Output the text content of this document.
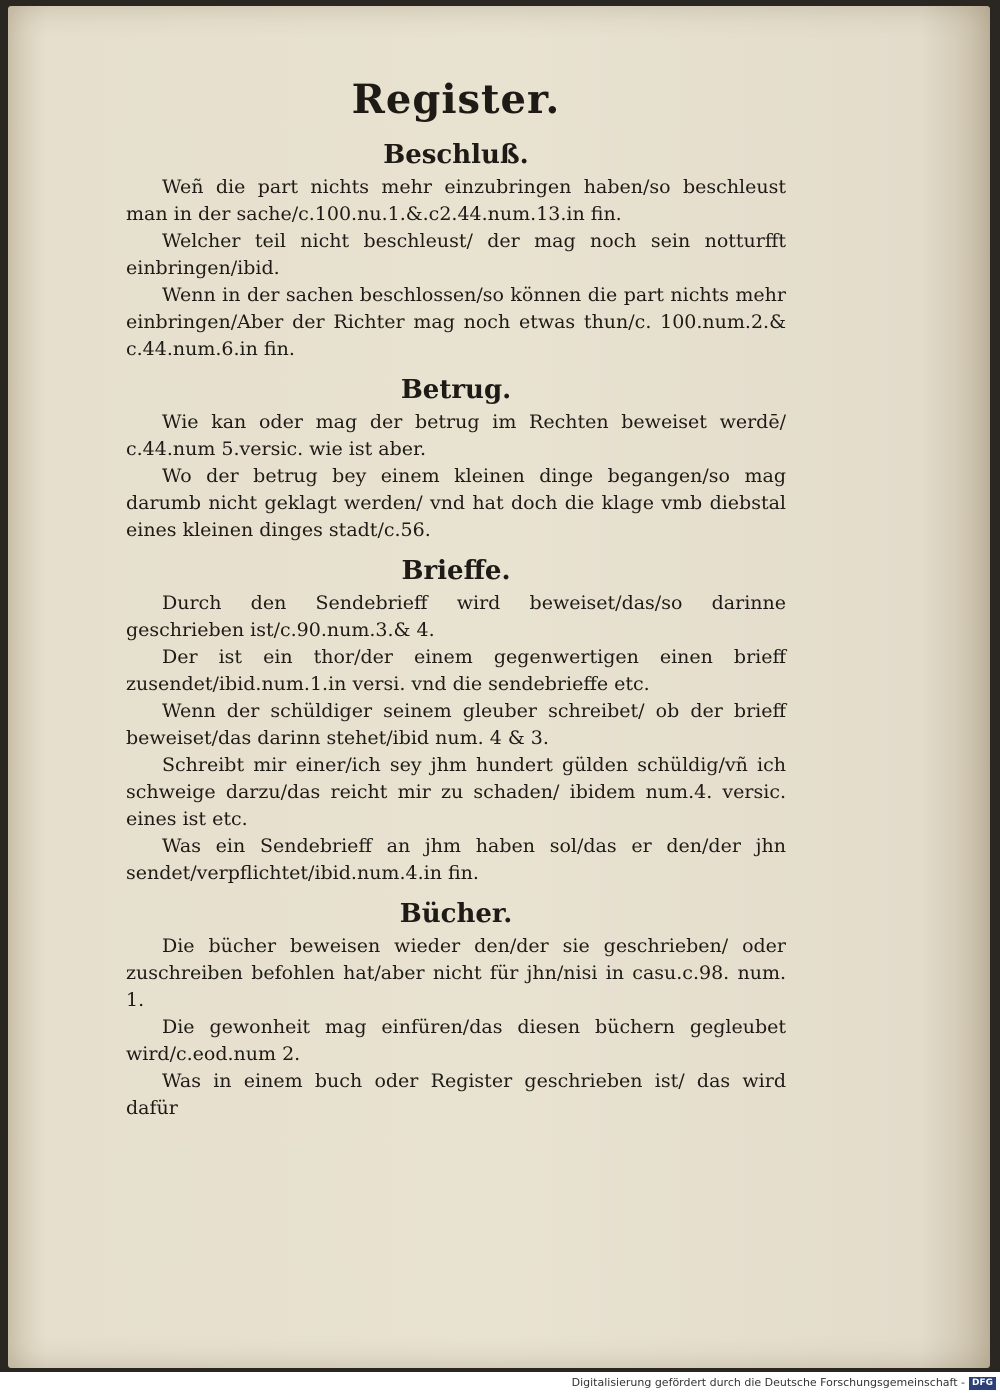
Register.
Beschluß.

Weñ die part nichts mehr einzubringen haben/so beschleust man in der sache/c.100.nu.1.&.c2.44.num.13.in fin.

Welcher teil nicht beschleust/ der mag noch sein notturfft einbringen/ibid.

Wenn in der sachen beschlossen/so können die part nichts mehr einbringen/Aber der Richter mag noch etwas thun/c. 100.num.2.& c.44.num.6.in fin.

Betrug.

Wie kan oder mag der betrug im Rechten beweiset werdē/ c.44.num 5.versic. wie ist aber.

Wo der betrug bey einem kleinen dinge begangen/so mag darumb nicht geklagt werden/ vnd hat doch die klage vmb diebstal eines kleinen dinges stadt/c.56.

Brieffe.

Durch den Sendebrieff wird beweiset/das/so darinne geschrieben ist/c.90.num.3.& 4.

Der ist ein thor/der einem gegenwertigen einen brieff zusendet/ibid.num.1.in versi. vnd die sendebrieffe etc.

Wenn der schüldiger seinem gleuber schreibet/ ob der brieff beweiset/das darinn stehet/ibid num. 4 & 3.

Schreibt mir einer/ich sey jhm hundert gülden schüldig/vñ ich schweige darzu/das reicht mir zu schaden/ ibidem num.4. versic. eines ist etc.

Was ein Sendebrieff an jhm haben sol/das er den/der jhn sendet/verpflichtet/ibid.num.4.in fin.

Bücher.

Die bücher beweisen wieder den/der sie geschrieben/ oder zuschreiben befohlen hat/aber nicht für jhn/nisi in casu.c.98. num. 1.

Die gewonheit mag einfüren/das diesen büchern gegleubet wird/c.eod.num 2.

Was in einem buch oder Register geschrieben ist/ das wird dafür

Digitalisierung gefördert durch die Deutsche Forschungsgemeinschaft - DFG
